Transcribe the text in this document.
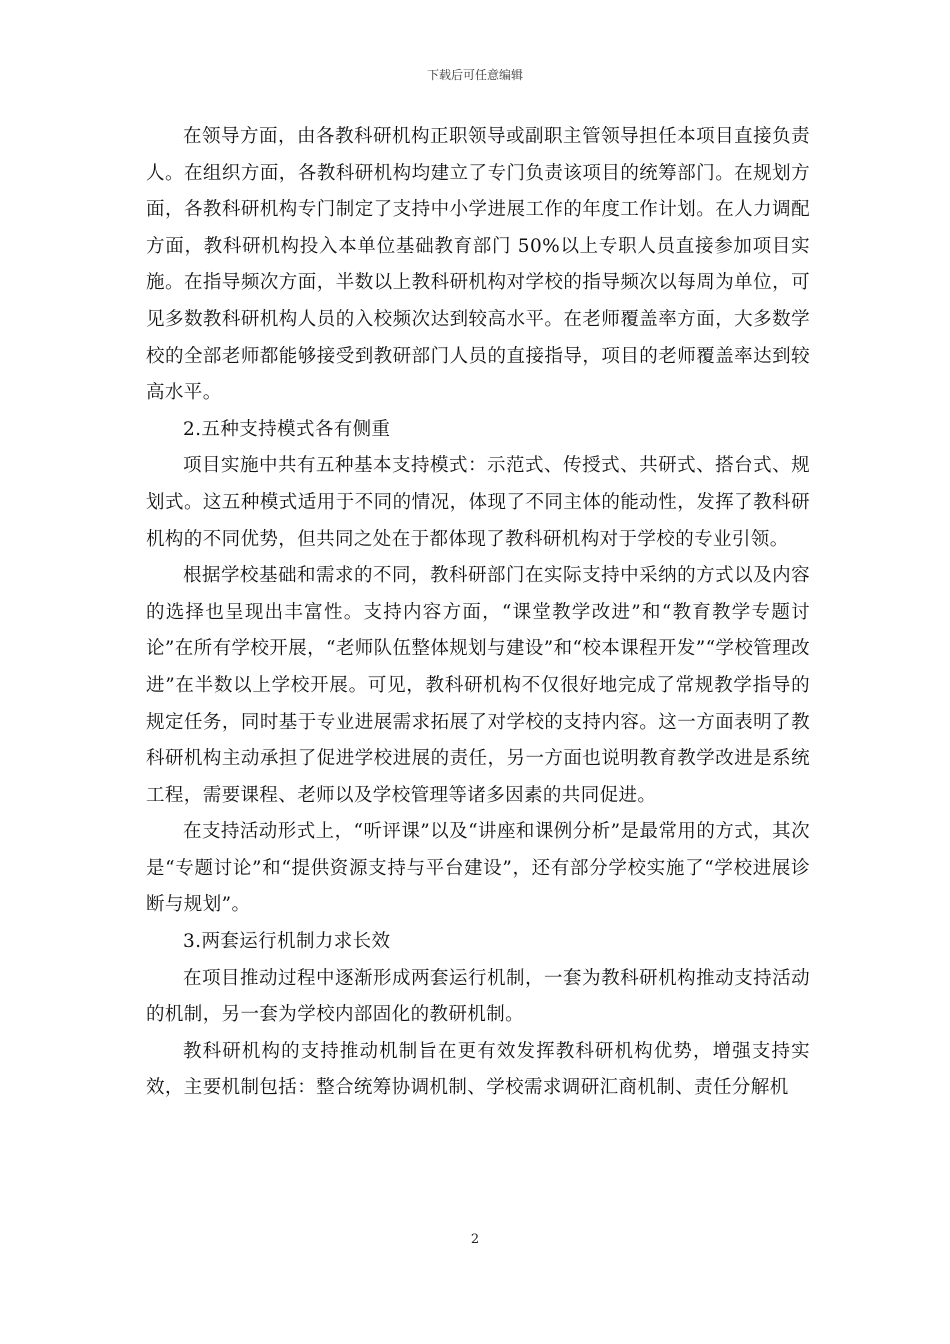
下载后可任意编辑

在领导方面，由各教科研机构正职领导或副职主管领导担任本项目直接负责人。在组织方面，各教科研机构均建立了专门负责该项目的统筹部门。在规划方面，各教科研机构专门制定了支持中小学进展工作的年度工作计划。在人力调配方面，教科研机构投入本单位基础教育部门 50%以上专职人员直接参加项目实施。在指导频次方面，半数以上教科研机构对学校的指导频次以每周为单位，可见多数教科研机构人员的入校频次达到较高水平。在老师覆盖率方面，大多数学校的全部老师都能够接受到教研部门人员的直接指导，项目的老师覆盖率达到较高水平。

2.五种支持模式各有侧重

项目实施中共有五种基本支持模式：示范式、传授式、共研式、搭台式、规划式。这五种模式适用于不同的情况，体现了不同主体的能动性，发挥了教科研机构的不同优势，但共同之处在于都体现了教科研机构对于学校的专业引领。

根据学校基础和需求的不同，教科研部门在实际支持中采纳的方式以及内容的选择也呈现出丰富性。支持内容方面，“课堂教学改进”和“教育教学专题讨论”在所有学校开展，“老师队伍整体规划与建设”和“校本课程开发”“学校管理改进”在半数以上学校开展。可见，教科研机构不仅很好地完成了常规教学指导的规定任务，同时基于专业进展需求拓展了对学校的支持内容。这一方面表明了教科研机构主动承担了促进学校进展的责任，另一方面也说明教育教学改进是系统工程，需要课程、老师以及学校管理等诸多因素的共同促进。

在支持活动形式上，“听评课”以及“讲座和课例分析”是最常用的方式，其次是“专题讨论”和“提供资源支持与平台建设”，还有部分学校实施了“学校进展诊断与规划”。

3.两套运行机制力求长效

在项目推动过程中逐渐形成两套运行机制，一套为教科研机构推动支持活动的机制，另一套为学校内部固化的教研机制。

教科研机构的支持推动机制旨在更有效发挥教科研机构优势，增强支持实效，主要机制包括：整合统筹协调机制、学校需求调研汇商机制、责任分解机

2
